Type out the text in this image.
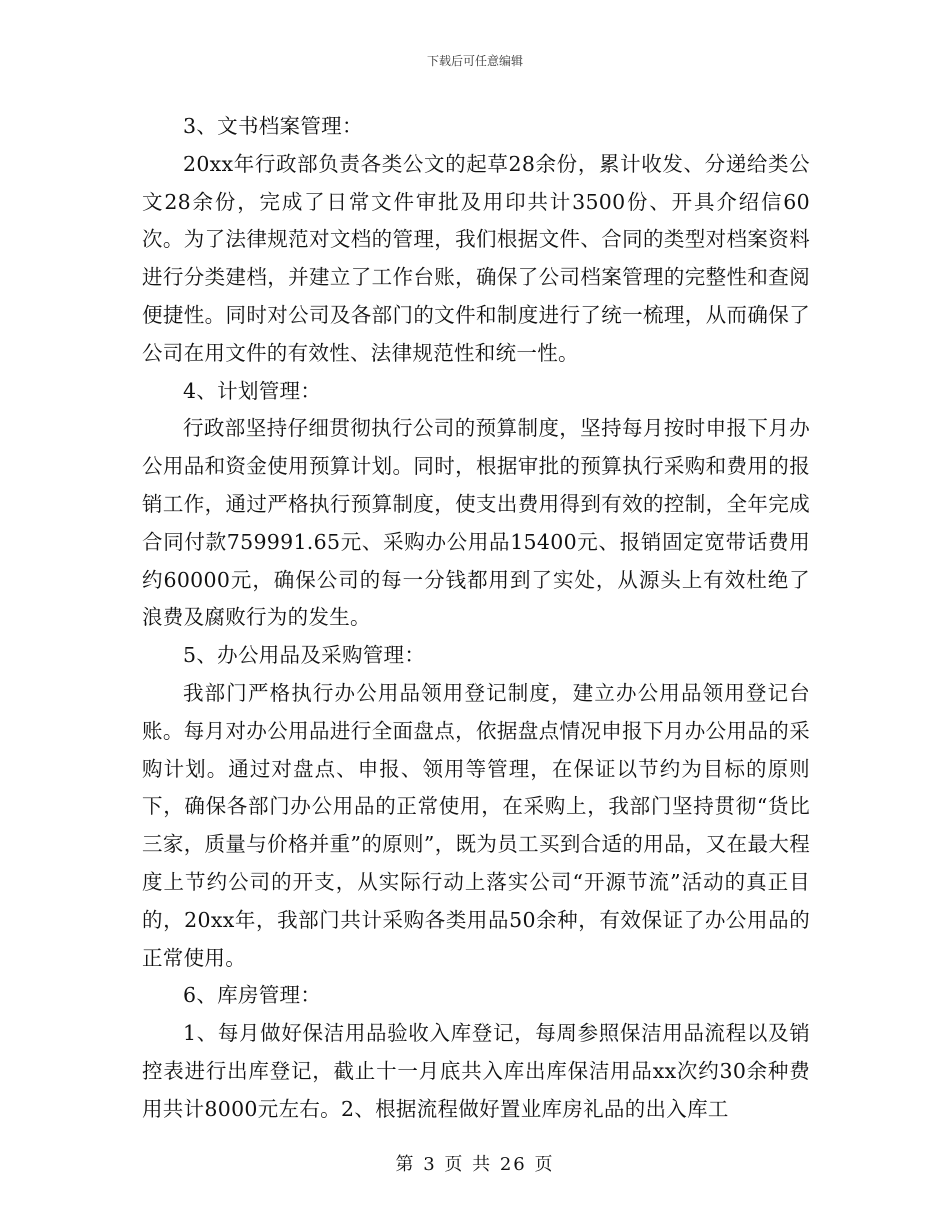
下载后可任意编辑

3、文书档案管理：

20xx年行政部负责各类公文的起草28余份，累计收发、分递给类公文28余份，完成了日常文件审批及用印共计3500份、开具介绍信60次。为了法律规范对文档的管理，我们根据文件、合同的类型对档案资料进行分类建档，并建立了工作台账，确保了公司档案管理的完整性和查阅便捷性。同时对公司及各部门的文件和制度进行了统一梳理，从而确保了公司在用文件的有效性、法律规范性和统一性。

4、计划管理：

行政部坚持仔细贯彻执行公司的预算制度，坚持每月按时申报下月办公用品和资金使用预算计划。同时，根据审批的预算执行采购和费用的报销工作，通过严格执行预算制度，使支出费用得到有效的控制，全年完成合同付款759991.65元、采购办公用品15400元、报销固定宽带话费用约60000元，确保公司的每一分钱都用到了实处，从源头上有效杜绝了浪费及腐败行为的发生。

5、办公用品及采购管理：

我部门严格执行办公用品领用登记制度，建立办公用品领用登记台账。每月对办公用品进行全面盘点，依据盘点情况申报下月办公用品的采购计划。通过对盘点、申报、领用等管理，在保证以节约为目标的原则下，确保各部门办公用品的正常使用，在采购上，我部门坚持贯彻“货比三家，质量与价格并重”的原则”，既为员工买到合适的用品，又在最大程度上节约公司的开支，从实际行动上落实公司“开源节流”活动的真正目的，20xx年，我部门共计采购各类用品50余种，有效保证了办公用品的正常使用。

6、库房管理：

1、每月做好保洁用品验收入库登记，每周参照保洁用品流程以及销控表进行出库登记，截止十一月底共入库出库保洁用品xx次约30余种费用共计8000元左右。2、根据流程做好置业库房礼品的出入库工

第 3 页 共 26 页
